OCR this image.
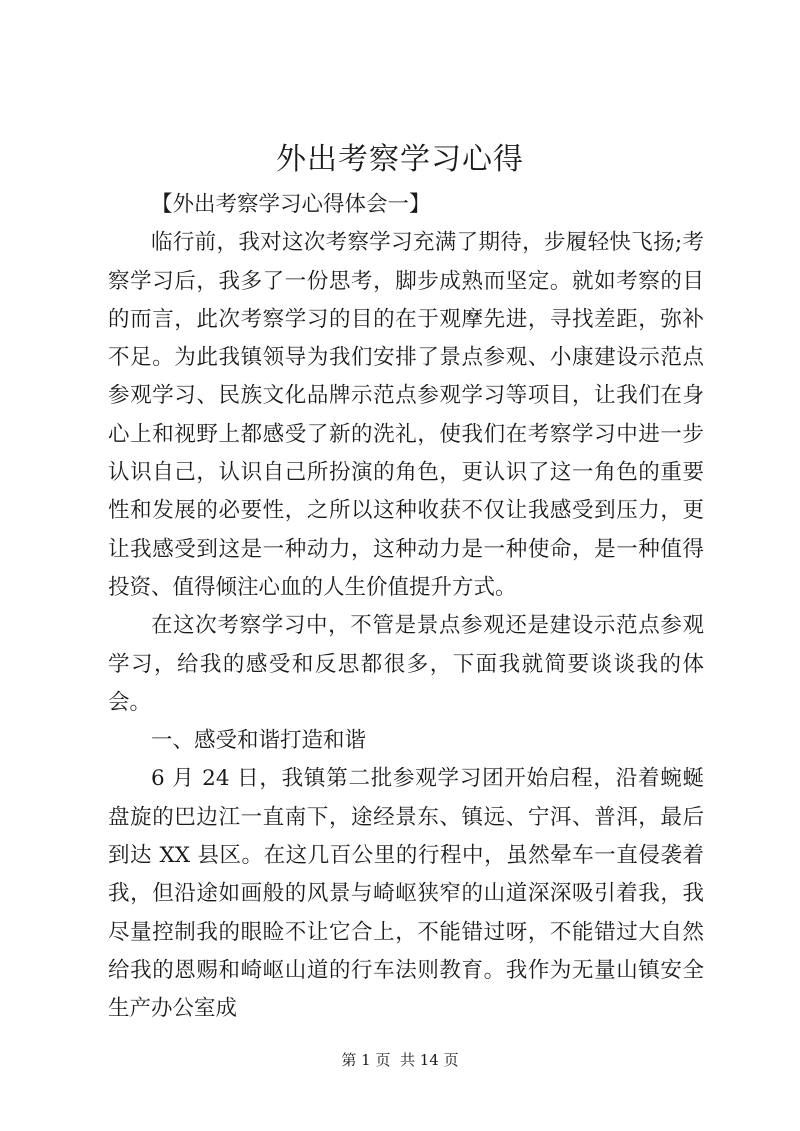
外出考察学习心得

【外出考察学习心得体会一】

临行前，我对这次考察学习充满了期待，步履轻快飞扬;考察学习后，我多了一份思考，脚步成熟而坚定。就如考察的目的而言，此次考察学习的目的在于观摩先进，寻找差距，弥补不足。为此我镇领导为我们安排了景点参观、小康建设示范点参观学习、民族文化品牌示范点参观学习等项目，让我们在身心上和视野上都感受了新的洗礼，使我们在考察学习中进一步认识自己，认识自己所扮演的角色，更认识了这一角色的重要性和发展的必要性，之所以这种收获不仅让我感受到压力，更让我感受到这是一种动力，这种动力是一种使命，是一种值得投资、值得倾注心血的人生价值提升方式。

在这次考察学习中，不管是景点参观还是建设示范点参观学习，给我的感受和反思都很多，下面我就简要谈谈我的体会。

一、感受和谐打造和谐

6 月 24 日，我镇第二批参观学习团开始启程，沿着蜿蜒盘旋的巴边江一直南下，途经景东、镇远、宁洱、普洱，最后到达 XX 县区。在这几百公里的行程中，虽然晕车一直侵袭着我，但沿途如画般的风景与崎岖狭窄的山道深深吸引着我，我尽量控制我的眼睑不让它合上，不能错过呀，不能错过大自然给我的恩赐和崎岖山道的行车法则教育。我作为无量山镇安全生产办公室成

第 1 页  共 14 页
